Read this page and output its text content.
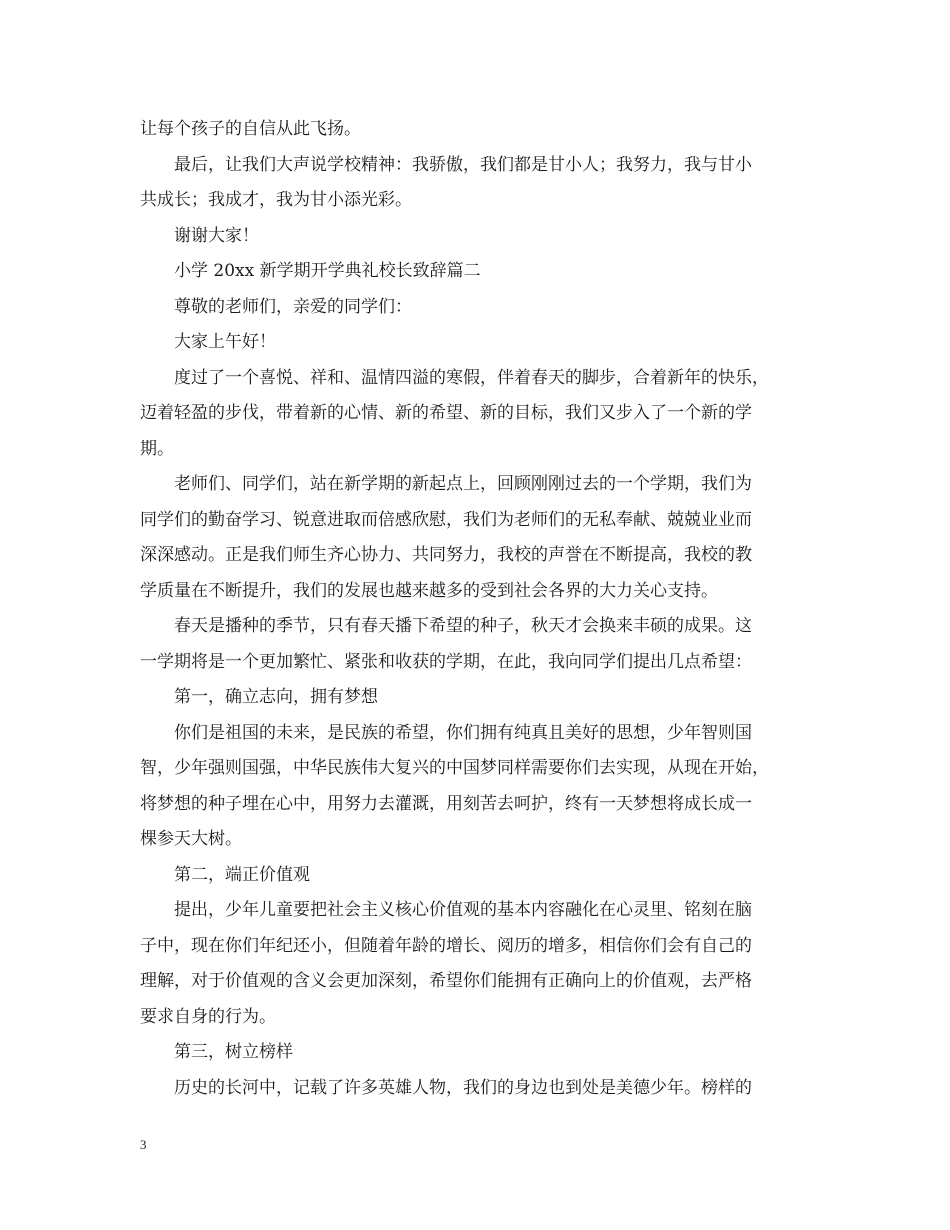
让每个孩子的自信从此飞扬。
最后，让我们大声说学校精神：我骄傲，我们都是甘小人；我努力，我与甘小
共成长；我成才，我为甘小添光彩。
谢谢大家！
小学 20xx 新学期开学典礼校长致辞篇二
尊敬的老师们，亲爱的同学们：
大家上午好！
度过了一个喜悦、祥和、温情四溢的寒假，伴着春天的脚步，合着新年的快乐，
迈着轻盈的步伐，带着新的心情、新的希望、新的目标，我们又步入了一个新的学
期。
老师们、同学们，站在新学期的新起点上，回顾刚刚过去的一个学期，我们为
同学们的勤奋学习、锐意进取而倍感欣慰，我们为老师们的无私奉献、兢兢业业而
深深感动。正是我们师生齐心协力、共同努力，我校的声誉在不断提高，我校的教
学质量在不断提升，我们的发展也越来越多的受到社会各界的大力关心支持。
春天是播种的季节，只有春天播下希望的种子，秋天才会换来丰硕的成果。这
一学期将是一个更加繁忙、紧张和收获的学期，在此，我向同学们提出几点希望：
第一，确立志向，拥有梦想
你们是祖国的未来，是民族的希望，你们拥有纯真且美好的思想，少年智则国
智，少年强则国强，中华民族伟大复兴的中国梦同样需要你们去实现，从现在开始，
将梦想的种子埋在心中，用努力去灌溉，用刻苦去呵护，终有一天梦想将成长成一
棵参天大树。
第二，端正价值观
提出，少年儿童要把社会主义核心价值观的基本内容融化在心灵里、铭刻在脑
子中，现在你们年纪还小，但随着年龄的增长、阅历的增多，相信你们会有自己的
理解，对于价值观的含义会更加深刻，希望你们能拥有正确向上的价值观，去严格
要求自身的行为。
第三，树立榜样
历史的长河中，记载了许多英雄人物，我们的身边也到处是美德少年。榜样的
3
